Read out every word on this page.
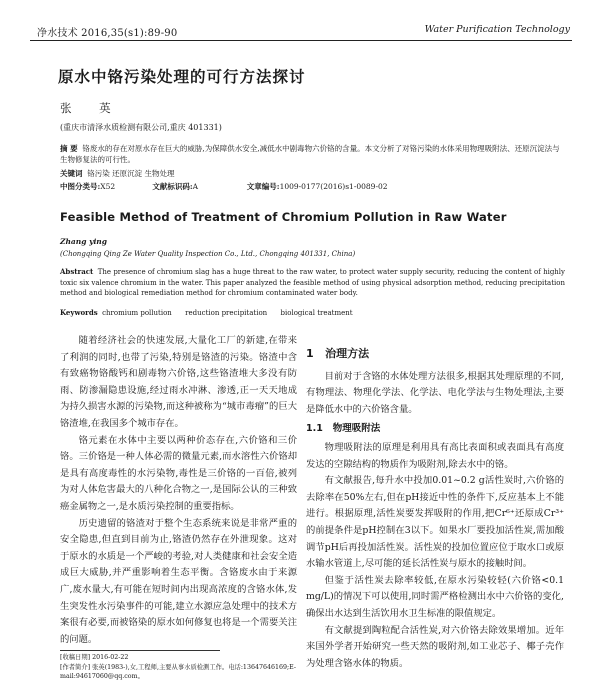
净水技术 2016,35(s1):89-90	Water Purification Technology
原水中铬污染处理的可行方法探讨
张 英
(重庆市清泽水质检测有限公司,重庆 401331)
摘 要 铬废水的存在对原水存在巨大的威胁,为保障供水安全,减低水中剧毒物六价铬的含量。本文分析了对铬污染的水体采用物理吸附法、还原沉淀法与生物修复法的可行性。
关键词 铬污染 还原沉淀 生物处理
中图分类号:X52	文献标识码:A	文章编号:1009-0177(2016)s1-0089-02
Feasible Method of Treatment of Chromium Pollution in Raw Water
Zhang ying
(Chongqing Qing Ze Water Quality Inspection Co., Ltd., Chongqing 401331, China)
Abstract The presence of chromium slag has a huge threat to the raw water, to protect water supply security, reducing the content of highly toxic six valence chromium in the water. This paper analyzed the feasible method of using physical adsorption method, reducing precipitation method and biological remediation method for chromium contaminated water body.
Keywords chromium pollution      reduction precipitation      biological treatment

随着经济社会的快速发展,大量化工厂的新建,在带来了利润的同时,也带了污染,特别是铬渣的污染。铬渣中含有致癌物铬酸钙和剧毒物六价铬,这些铬渣堆大多没有防雨、防渗漏隐患设施,经过雨水冲淋、渗透,正一天天地成为持久损害水源的污染物,而这种被称为“城市毒瘤”的巨大铬渣堆,在我国多个城市存在。

铬元素在水体中主要以两种价态存在,六价铬和三价铬。三价铬是一种人体必需的微量元素,而水溶性六价铬却是具有高度毒性的水污染物,毒性是三价铬的一百倍,被列为对人体危害最大的八种化合物之一,是国际公认的三种致癌金属物之一,是水质污染控制的重要指标。

历史遗留的铬渣对于整个生态系统来说是非常严重的安全隐患,但直到目前为止,铬渣仍然存在外泄现象。这对于原水的水质是一个严峻的考验,对人类健康和社会安全造成巨大威胁,并严重影响着生态平衡。含铬废水由于来源广,废水量大,有可能在短时间内出现高浓度的含铬水体,发生突发性水污染事件的可能,建立水源应急处理中的技术方案很有必要,而被铬染的原水如何修复也将是一个需要关注的问题。

1   治理方法

目前对于含铬的水体处理方法很多,根据其处理原理的不同,有物理法、物理化学法、化学法、电化学法与生物处理法,主要是降低水中的六价铬含量。

1.1   物理吸附法

物理吸附法的原理是利用具有高比表面积或表面具有高度发达的空隙结构的物质作为吸附剂,除去水中的铬。

有文献报告,每升水中投加0.01~0.2 g活性炭时,六价铬的去除率在50%左右,但在pH接近中性的条件下,反应基本上不能进行。根据原理,活性炭要发挥吸附的作用,把Cr⁶⁺还原成Cr³⁺的前提条件是pH控制在3以下。如果水厂要投加活性炭,需加酸调节pH后再投加活性炭。活性炭的投加位置应位于取水口或原水输水管道上,尽可能的延长活性炭与原水的接触时间。

但鉴于活性炭去除率较低,在原水污染较轻(六价铬<0.1 mg/L)的情况下可以使用,同时需严格检测出水中六价铬的变化,确保出水达到生活饮用水卫生标准的限值规定。

有文献提到陶粒配合活性炭,对六价铬去除效果增加。近年来国外学者开始研究一些天然的吸附剂,如工业芯子、椰子壳作为处理含铬水体的物质。

[收稿日期] 2016-02-22
[作者简介] 张英(1983-),女,工程师,主要从事水质检测工作。电话:13647646169;E-mail:94617060@qq.com。
